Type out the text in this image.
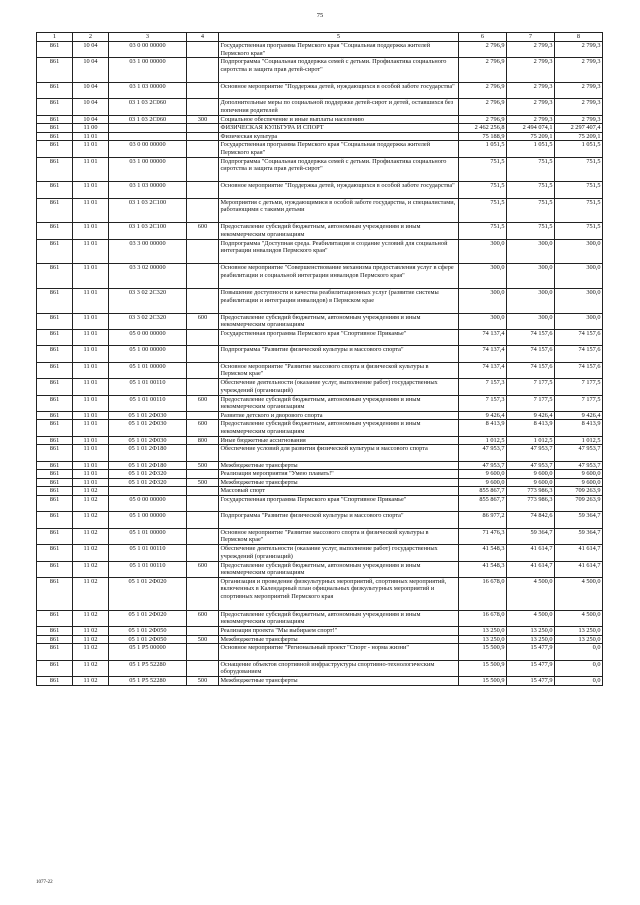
75
1	2	3	4	5	6	7	8
861	10 04	03 0 00 00000		Государственная программа Пермского края "Социальная поддержка жителей Пермского края"	2 796,9	2 799,3	2 799,3
861	10 04	03 1 00 00000		Подпрограмма "Социальная поддержка семей с детьми. Профилактика социального сиротства и защита прав детей-сирот"	2 796,9	2 799,3	2 799,3
861	10 04	03 1 03 00000		Основное мероприятие "Поддержка детей, нуждающихся в особой заботе государства"	2 796,9	2 799,3	2 799,3
861	10 04	03 1 03 2С060		Дополнительные меры по социальной поддержке детей-сирот и детей, оставшихся без попечения родителей	2 796,9	2 799,3	2 799,3
861	10 04	03 1 03 2С060	300	Социальное обеспечение и иные выплаты населению	2 796,9	2 799,3	2 799,3
861	11 00			ФИЗИЧЕСКАЯ КУЛЬТУРА И СПОРТ	2 462 256,8	2 494 074,1	2 297 407,4
861	11 01			Физическая культура	75 188,9	75 209,1	75 209,1
861	11 01	03 0 00 00000		Государственная программа Пермского края "Социальная поддержка жителей Пермского края"	1 051,5	1 051,5	1 051,5
861	11 01	03 1 00 00000		Подпрограмма "Социальная поддержка семей с детьми. Профилактика социального сиротства и защита прав детей-сирот"	751,5	751,5	751,5
861	11 01	03 1 03 00000		Основное мероприятие "Поддержка детей, нуждающихся в особой заботе государства"	751,5	751,5	751,5
861	11 01	03 1 03 2С100		Мероприятия с детьми, нуждающимися в особой заботе государства, и специалистами, работающими с такими детьми	751,5	751,5	751,5
861	11 01	03 1 03 2С100	600	Предоставление субсидий бюджетным, автономным учреждениям и иным некоммерческим организациям	751,5	751,5	751,5
861	11 01	03 3 00 00000		Подпрограмма "Доступная среда. Реабилитация и создание условий для социальной интеграции инвалидов Пермского края"	300,0	300,0	300,0
861	11 01	03 3 02 00000		Основное мероприятие "Совершенствование механизма предоставления услуг в сфере реабилитации и социальной интеграции инвалидов Пермского края"	300,0	300,0	300,0
861	11 01	03 3 02 2С320		Повышение доступности и качества реабилитационных услуг (развитие системы реабилитации и интеграции инвалидов) в Пермском крае	300,0	300,0	300,0
861	11 01	03 3 02 2С320	600	Предоставление субсидий бюджетным, автономным учреждениям и иным некоммерческим организациям	300,0	300,0	300,0
861	11 01	05 0 00 00000		Государственная программа Пермского края "Спортивное Прикамье"	74 137,4	74 157,6	74 157,6
861	11 01	05 1 00 00000		Подпрограмма "Развитие физической культуры и массового спорта"	74 137,4	74 157,6	74 157,6
861	11 01	05 1 01 00000		Основное мероприятие "Развитие массового спорта и физической культуры в Пермском крае"	74 137,4	74 157,6	74 157,6
861	11 01	05 1 01 00110		Обеспечение деятельности (оказание услуг, выполнение работ) государственных учреждений (организаций)	7 157,3	7 177,5	7 177,5
861	11 01	05 1 01 00110	600	Предоставление субсидий бюджетным, автономным учреждениям и иным некоммерческим организациям	7 157,3	7 177,5	7 177,5
861	11 01	05 1 01 2Ф030		Развитие детского и дворового спорта	9 426,4	9 426,4	9 426,4
861	11 01	05 1 01 2Ф030	600	Предоставление субсидий бюджетным, автономным учреждениям и иным некоммерческим организациям	8 413,9	8 413,9	8 413,9
861	11 01	05 1 01 2Ф030	800	Иные бюджетные ассигнования	1 012,5	1 012,5	1 012,5
861	11 01	05 1 01 2Ф180		Обеспечение условий для развития физической культуры и массового спорта	47 953,7	47 953,7	47 953,7
861	11 01	05 1 01 2Ф180	500	Межбюджетные трансферты	47 953,7	47 953,7	47 953,7
861	11 01	05 1 01 2Ф320		Реализация мероприятия "Умею плавать!"	9 600,0	9 600,0	9 600,0
861	11 01	05 1 01 2Ф320	500	Межбюджетные трансферты	9 600,0	9 600,0	9 600,0
861	11 02			Массовый спорт	855 867,7	773 986,3	709 263,9
861	11 02	05 0 00 00000		Государственная программа Пермского края "Спортивное Прикамье"	855 867,7	773 986,3	709 263,9
861	11 02	05 1 00 00000		Подпрограмма "Развитие физической культуры и массового спорта"	86 977,2	74 842,6	59 364,7
861	11 02	05 1 01 00000		Основное мероприятие "Развитие массового спорта и физической культуры в Пермском крае"	71 476,3	59 364,7	59 364,7
861	11 02	05 1 01 00110		Обеспечение деятельности (оказание услуг, выполнение работ) государственных учреждений (организаций)	41 548,3	41 614,7	41 614,7
861	11 02	05 1 01 00110	600	Предоставление субсидий бюджетным, автономным учреждениям и иным некоммерческим организациям	41 548,3	41 614,7	41 614,7
861	11 02	05 1 01 2Ф020		Организация и проведение физкультурных мероприятий, спортивных мероприятий, включенных в Календарный план официальных физкультурных мероприятий и спортивных мероприятий Пермского края	16 678,0	4 500,0	4 500,0
861	11 02	05 1 01 2Ф020	600	Предоставление субсидий бюджетным, автономным учреждениям и иным некоммерческим организациям	16 678,0	4 500,0	4 500,0
861	11 02	05 1 01 2Ф050		Реализация проекта "Мы выбираем спорт!"	13 250,0	13 250,0	13 250,0
861	11 02	05 1 01 2Ф050	500	Межбюджетные трансферты	13 250,0	13 250,0	13 250,0
861	11 02	05 1 P5 00000		Основное мероприятие "Региональный проект "Спорт - норма жизни"	15 500,9	15 477,9	0,0
861	11 02	05 1 P5 52280		Оснащение объектов спортивной инфраструктуры спортивно-технологическим оборудованием	15 500,9	15 477,9	0,0
861	11 02	05 1 P5 52280	500	Межбюджетные трансферты	15 500,9	15 477,9	0,0
1077-22
